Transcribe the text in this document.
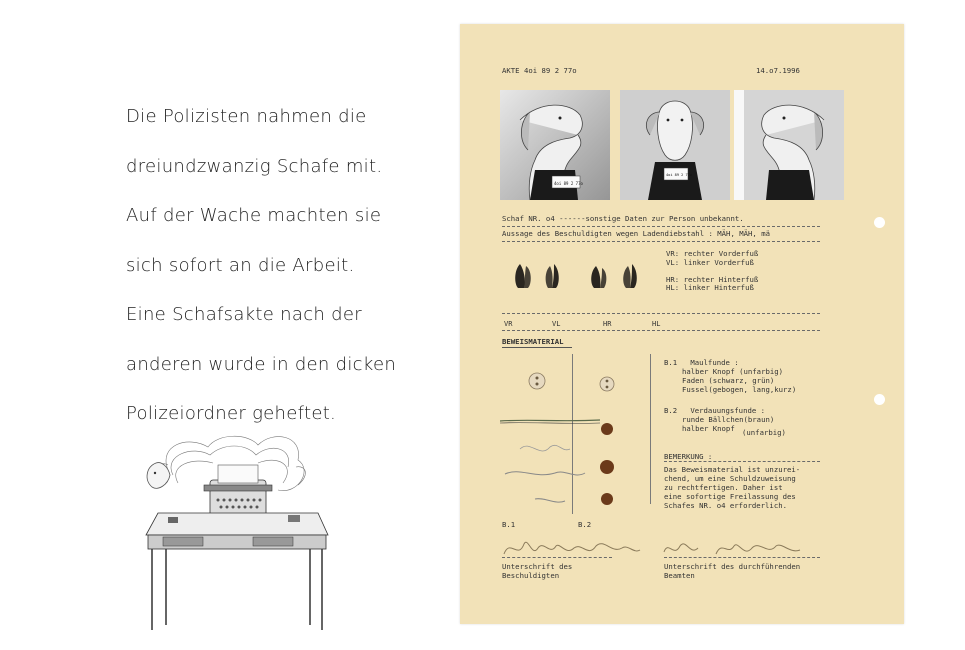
Die Polizisten nahmen die
dreiundzwanzig Schafe mit.
Auf der Wache machten sie
sich sofort an die Arbeit.
Eine Schafsakte nach der
anderen wurde in den dicken
Polizeiordner geheftet.
AKTE 4oi 89 2 77o	14.o7.1996
4oi 89 2 77o
4oi 89 2 77o
Schaf NR. o4 ------sonstige Daten zur Person unbekannt.
Aussage des Beschuldigten wegen Ladendiebstahl : MÄH, MÄH, mä
VR: rechter Vorderfuß
VL: linker Vorderfuß

HR: rechter Hinterfuß
HL: linker Hinterfuß
VR	VL	HR	HL
BEWEISMATERIAL
B.1   Maulfunde :
halber Knopf (unfarbig)
Faden (schwarz, grün)
Fussel(gebogen, lang,kurz)
B.2   Verdauungsfunde :
runde Bällchen(braun)
halber Knopf (unfarbig)
BEMERKUNG :
Das Beweismaterial ist unzurei-
chend, um eine Schuldzuweisung
zu rechtfertigen. Daher ist
eine sofortige Freilassung des
Schafes NR. o4 erforderlich.
B.1	B.2
Unterschrift des
Beschuldigten
Unterschrift des durchführenden
Beamten
